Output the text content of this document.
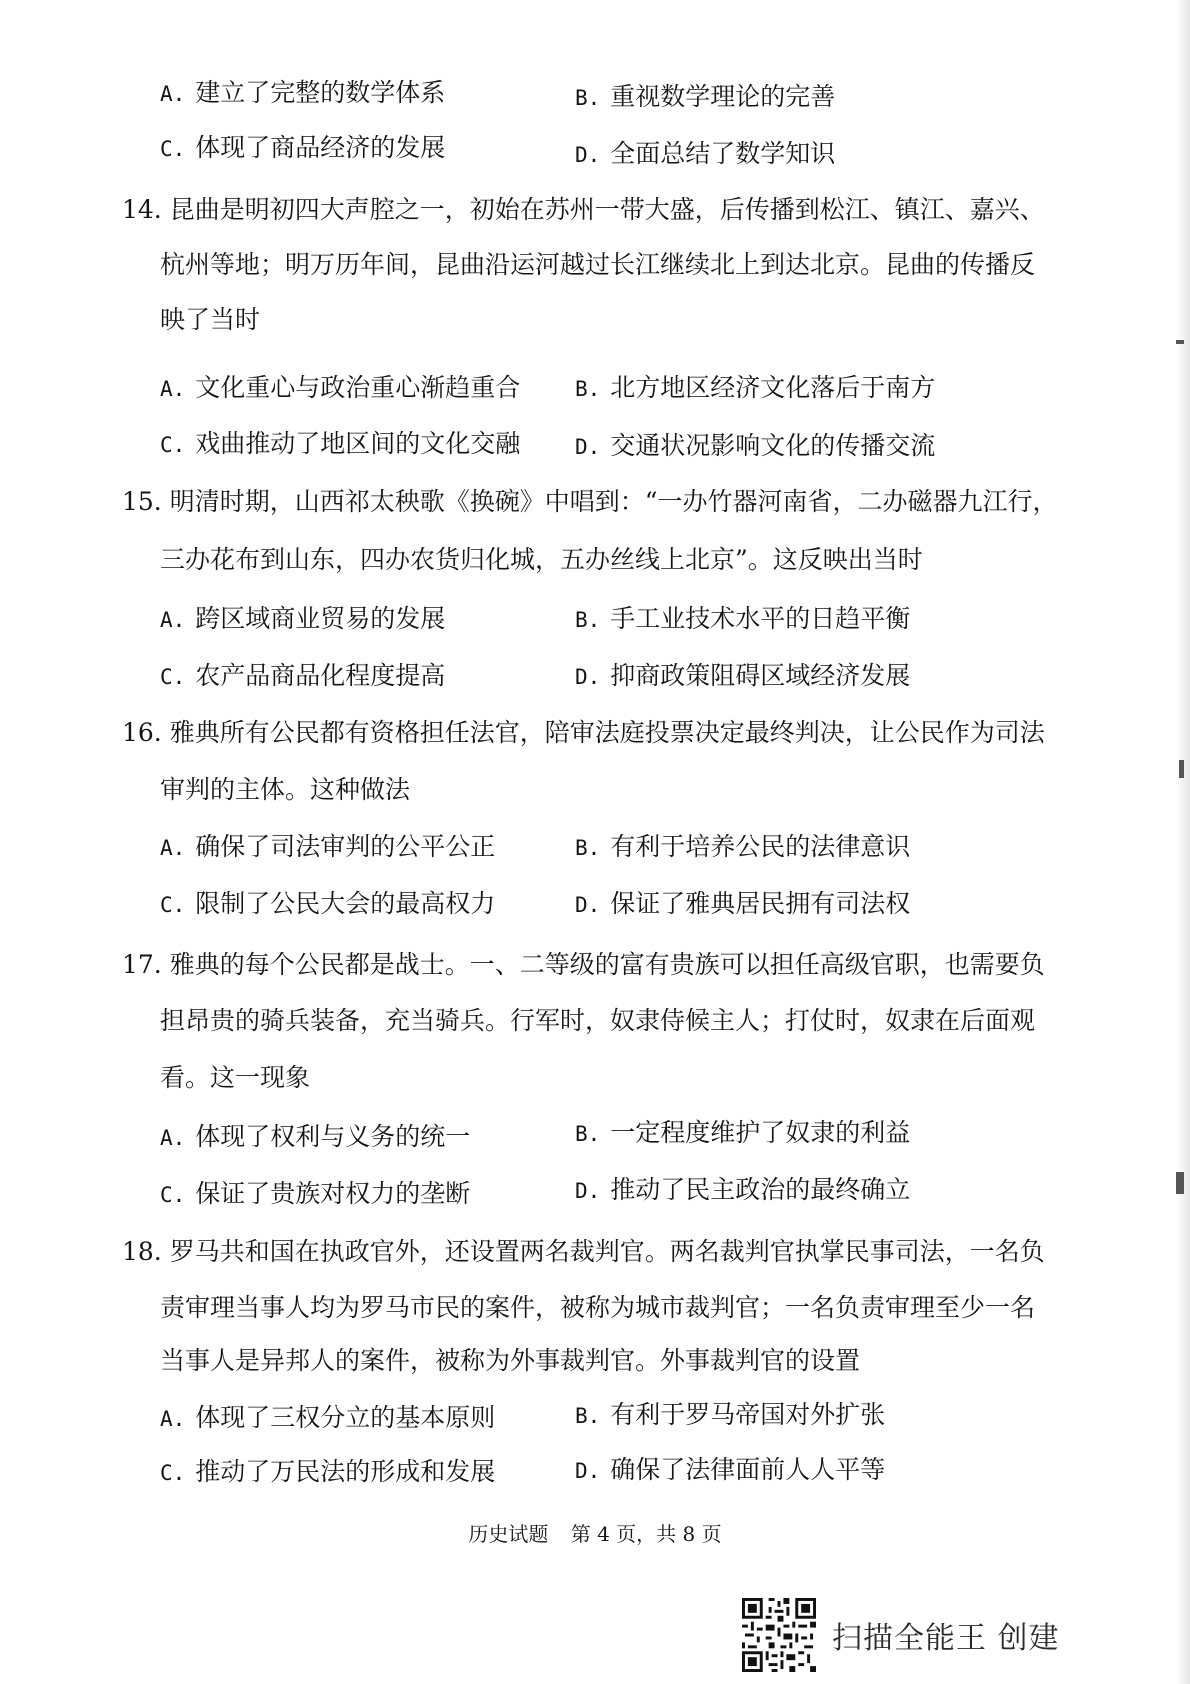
A. 建立了完整的数学体系	B. 重视数学理论的完善
C. 体现了商品经济的发展	D. 全面总结了数学知识
14. 昆曲是明初四大声腔之一，初始在苏州一带大盛，后传播到松江、镇江、嘉兴、
杭州等地；明万历年间，昆曲沿运河越过长江继续北上到达北京。昆曲的传播反
映了当时
A. 文化重心与政治重心渐趋重合	B. 北方地区经济文化落后于南方
C. 戏曲推动了地区间的文化交融	D. 交通状况影响文化的传播交流
15. 明清时期，山西祁太秧歌《换碗》中唱到：“一办竹器河南省，二办磁器九江行，
三办花布到山东，四办农货归化城，五办丝线上北京”。这反映出当时
A. 跨区域商业贸易的发展	B. 手工业技术水平的日趋平衡
C. 农产品商品化程度提高	D. 抑商政策阻碍区域经济发展
16. 雅典所有公民都有资格担任法官，陪审法庭投票决定最终判决，让公民作为司法
审判的主体。这种做法
A. 确保了司法审判的公平公正	B. 有利于培养公民的法律意识
C. 限制了公民大会的最高权力	D. 保证了雅典居民拥有司法权
17. 雅典的每个公民都是战士。一、二等级的富有贵族可以担任高级官职，也需要负
担昂贵的骑兵装备，充当骑兵。行军时，奴隶侍候主人；打仗时，奴隶在后面观
看。这一现象
A. 体现了权利与义务的统一	B. 一定程度维护了奴隶的利益
C. 保证了贵族对权力的垄断	D. 推动了民主政治的最终确立
18. 罗马共和国在执政官外，还设置两名裁判官。两名裁判官执掌民事司法，一名负
责审理当事人均为罗马市民的案件，被称为城市裁判官；一名负责审理至少一名
当事人是异邦人的案件，被称为外事裁判官。外事裁判官的设置
A. 体现了三权分立的基本原则	B. 有利于罗马帝国对外扩张
C. 推动了万民法的形成和发展	D. 确保了法律面前人人平等
历史试题 第 4 页，共 8 页
扫描全能王 创建
